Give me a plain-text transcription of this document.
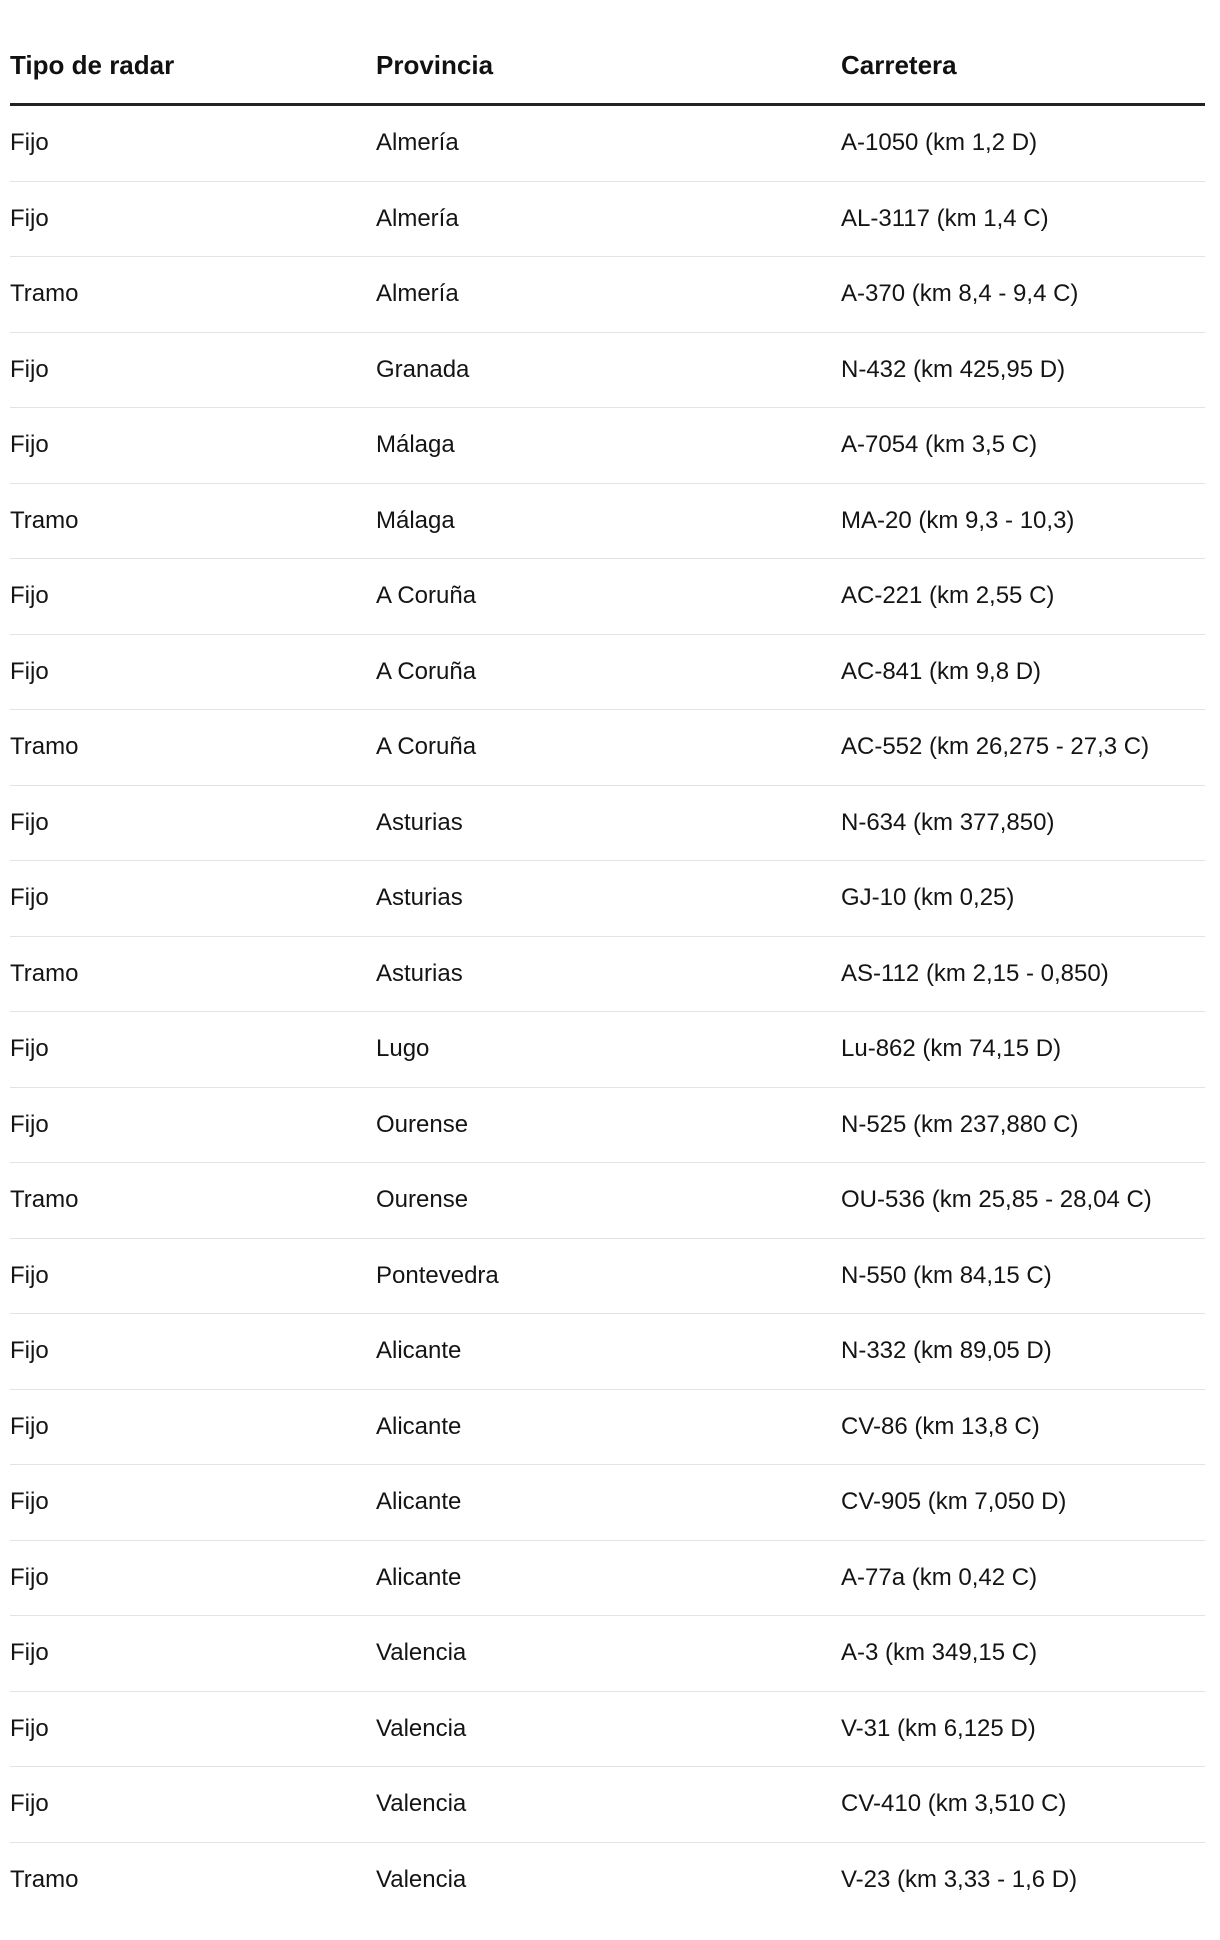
Tipo de radar	Provincia	Carretera
Fijo	Almería	A-1050 (km 1,2 D)
Fijo	Almería	AL-3117 (km 1,4 C)
Tramo	Almería	A-370 (km 8,4 - 9,4 C)
Fijo	Granada	N-432 (km 425,95 D)
Fijo	Málaga	A-7054 (km 3,5 C)
Tramo	Málaga	MA-20 (km 9,3 - 10,3)
Fijo	A Coruña	AC-221 (km 2,55 C)
Fijo	A Coruña	AC-841 (km 9,8 D)
Tramo	A Coruña	AC-552 (km 26,275 - 27,3 C)
Fijo	Asturias	N-634 (km 377,850)
Fijo	Asturias	GJ-10 (km 0,25)
Tramo	Asturias	AS-112 (km 2,15 - 0,850)
Fijo	Lugo	Lu-862 (km 74,15 D)
Fijo	Ourense	N-525 (km 237,880 C)
Tramo	Ourense	OU-536 (km 25,85 - 28,04 C)
Fijo	Pontevedra	N-550 (km 84,15 C)
Fijo	Alicante	N-332 (km 89,05 D)
Fijo	Alicante	CV-86 (km 13,8 C)
Fijo	Alicante	CV-905 (km 7,050 D)
Fijo	Alicante	A-77a (km 0,42 C)
Fijo	Valencia	A-3 (km 349,15 C)
Fijo	Valencia	V-31 (km 6,125 D)
Fijo	Valencia	CV-410 (km 3,510 C)
Tramo	Valencia	V-23 (km 3,33 - 1,6 D)
